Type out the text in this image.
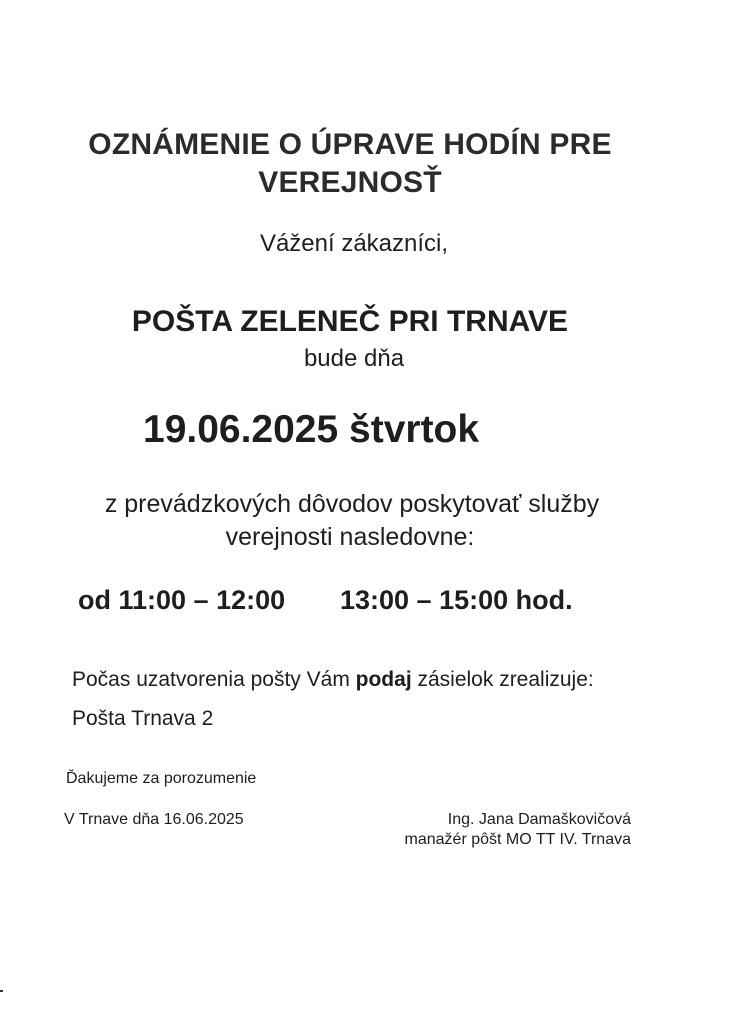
OZNÁMENIE O ÚPRAVE HODÍN PRE
VEREJNOSŤ
Vážení zákazníci,
POŠTA ZELENEČ PRI TRNAVE
bude dňa
19.06.2025 štvrtok
z prevádzkových dôvodov poskytovať služby
verejnosti nasledovne:
od 11:00 – 12:00 13:00 – 15:00 hod.
Počas uzatvorenia pošty Vám podaj zásielok zrealizuje:
Pošta Trnava 2
Ďakujeme za porozumenie
V Trnave dňa 16.06.2025	Ing. Jana Damaškovičová
manažér pôšt MO TT IV. Trnava
